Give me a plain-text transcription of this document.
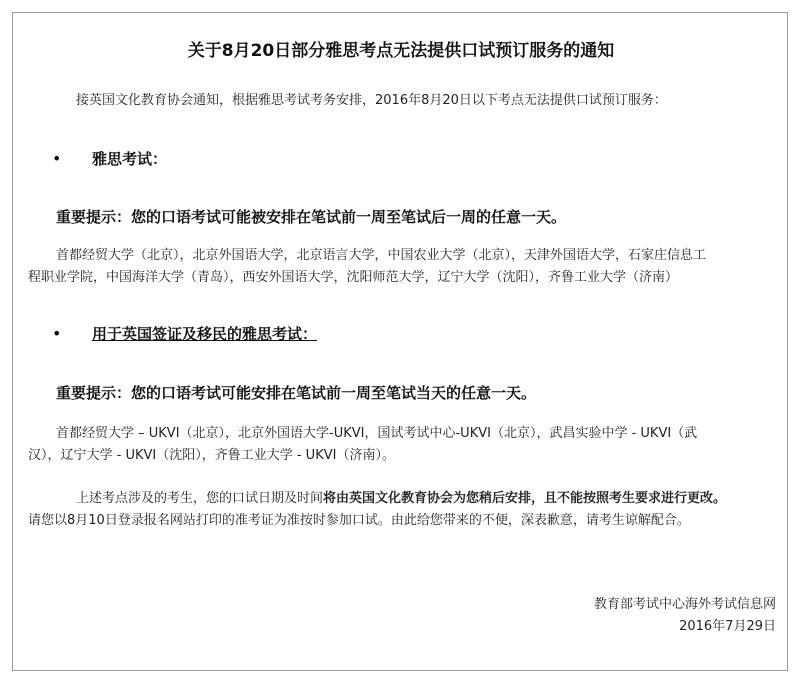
关于8月20日部分雅思考点无法提供口试预订服务的通知
接英国文化教育协会通知，根据雅思考试考务安排，2016年8月20日以下考点无法提供口试预订服务：
• 雅思考试：
重要提示：您的口语考试可能被安排在笔试前一周至笔试后一周的任意一天。
首都经贸大学（北京），北京外国语大学，北京语言大学，中国农业大学（北京），天津外国语大学，石家庄信息工
程职业学院，中国海洋大学（青岛），西安外国语大学，沈阳师范大学，辽宁大学（沈阳），齐鲁工业大学（济南）
• 用于英国签证及移民的雅思考试：
重要提示：您的口语考试可能安排在笔试前一周至笔试当天的任意一天。
首都经贸大学 – UKVI（北京），北京外国语大学-UKVI，国试考试中心-UKVI（北京），武昌实验中学 - UKVI（武
汉），辽宁大学 - UKVI（沈阳），齐鲁工业大学 - UKVI（济南）。
上述考点涉及的考生，您的口试日期及时间将由英国文化教育协会为您稍后安排，且不能按照考生要求进行更改。
请您以8月10日登录报名网站打印的准考证为准按时参加口试。由此给您带来的不便，深表歉意，请考生谅解配合。
教育部考试中心海外考试信息网
2016年7月29日
